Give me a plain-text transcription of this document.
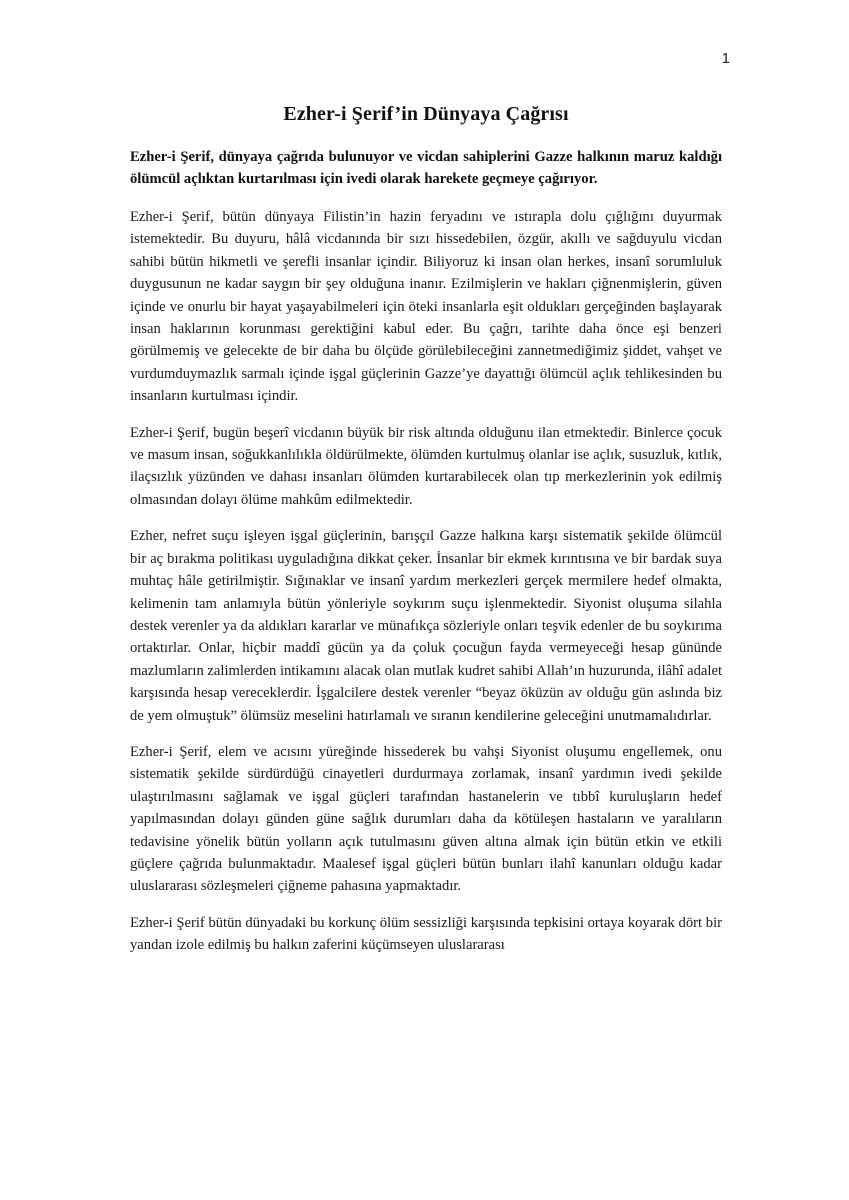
1
Ezher-i Şerif’in Dünyaya Çağrısı

Ezher-i Şerif, dünyaya çağrıda bulunuyor ve vicdan sahiplerini Gazze halkının maruz kaldığı ölümcül açlıktan kurtarılması için ivedi olarak harekete geçmeye çağırıyor.

Ezher-i Şerif, bütün dünyaya Filistin’in hazin feryadını ve ıstırapla dolu çığlığını duyurmak istemektedir. Bu duyuru, hâlâ vicdanında bir sızı hissedebilen, özgür, akıllı ve sağduyulu vicdan sahibi bütün hikmetli ve şerefli insanlar içindir. Biliyoruz ki insan olan herkes, insanî sorumluluk duygusunun ne kadar saygın bir şey olduğuna inanır. Ezilmişlerin ve hakları çiğnenmişlerin, güven içinde ve onurlu bir hayat yaşayabilmeleri için öteki insanlarla eşit oldukları gerçeğinden başlayarak insan haklarının korunması gerektiğini kabul eder. Bu çağrı, tarihte daha önce eşi benzeri görülmemiş ve gelecekte de bir daha bu ölçüde görülebileceğini zannetmediğimiz şiddet, vahşet ve vurdumduymazlık sarmalı içinde işgal güçlerinin Gazze’ye dayattığı ölümcül açlık tehlikesinden bu insanların kurtulması içindir.

Ezher-i Şerif, bugün beşerî vicdanın büyük bir risk altında olduğunu ilan etmektedir. Binlerce çocuk ve masum insan, soğukkanlılıkla öldürülmekte, ölümden kurtulmuş olanlar ise açlık, susuzluk, kıtlık, ilaçsızlık yüzünden ve dahası insanları ölümden kurtarabilecek olan tıp merkezlerinin yok edilmiş olmasından dolayı ölüme mahkûm edilmektedir.

Ezher, nefret suçu işleyen işgal güçlerinin, barışçıl Gazze halkına karşı sistematik şekilde ölümcül bir aç bırakma politikası uyguladığına dikkat çeker. İnsanlar bir ekmek kırıntısına ve bir bardak suya muhtaç hâle getirilmiştir. Sığınaklar ve insanî yardım merkezleri gerçek mermilere hedef olmakta, kelimenin tam anlamıyla bütün yönleriyle soykırım suçu işlenmektedir. Siyonist oluşuma silahla destek verenler ya da aldıkları kararlar ve münafıkça sözleriyle onları teşvik edenler de bu soykırıma ortaktırlar. Onlar, hiçbir maddî gücün ya da çoluk çocuğun fayda vermeyeceği hesap gününde mazlumların zalimlerden intikamını alacak olan mutlak kudret sahibi Allah’ın huzurunda, ilâhî adalet karşısında hesap vereceklerdir. İşgalcilere destek verenler “beyaz öküzün av olduğu gün aslında biz de yem olmuştuk” ölümsüz meselini hatırlamalı ve sıranın kendilerine geleceğini unutmamalıdırlar.

Ezher-i Şerif, elem ve acısını yüreğinde hissederek bu vahşi Siyonist oluşumu engellemek, onu sistematik şekilde sürdürdüğü cinayetleri durdurmaya zorlamak, insanî yardımın ivedi şekilde ulaştırılmasını sağlamak ve işgal güçleri tarafından hastanelerin ve tıbbî kuruluşların hedef yapılmasından dolayı günden güne sağlık durumları daha da kötüleşen hastaların ve yaralıların tedavisine yönelik bütün yolların açık tutulmasını güven altına almak için bütün etkin ve etkili güçlere çağrıda bulunmaktadır. Maalesef işgal güçleri bütün bunları ilahî kanunları olduğu kadar uluslararası sözleşmeleri çiğneme pahasına yapmaktadır.

Ezher-i Şerif bütün dünyadaki bu korkunç ölüm sessizliği karşısında tepkisini ortaya koyarak dört bir yandan izole edilmiş bu halkın zaferini küçümseyen uluslararası
